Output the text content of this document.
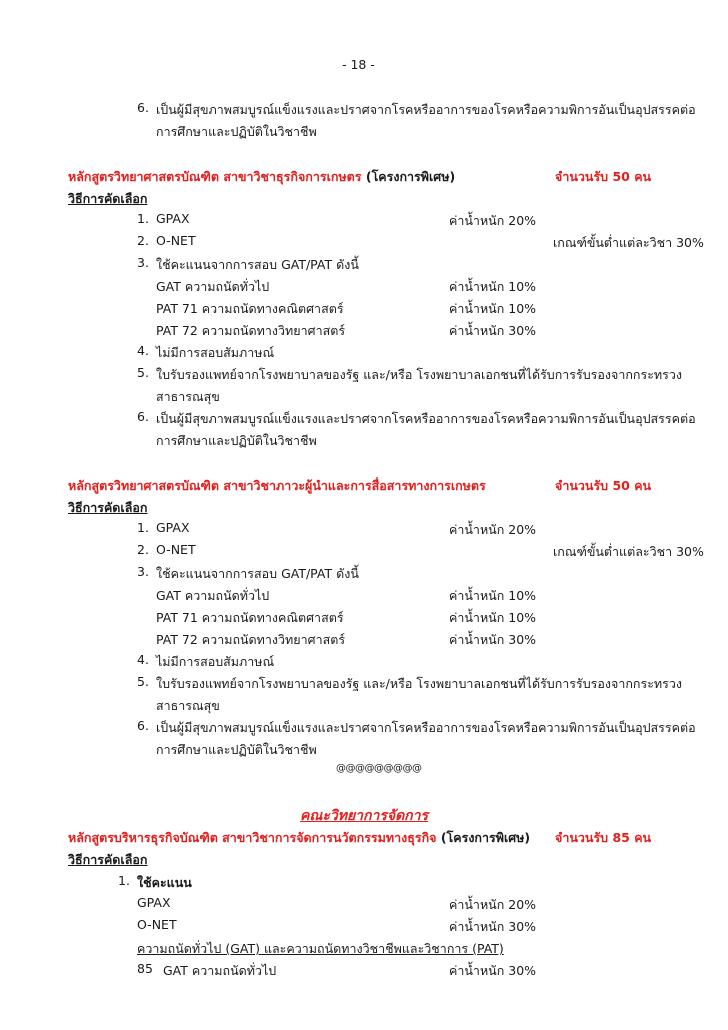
- 18 -
6. เป็นผู้มีสุขภาพสมบูรณ์แข็งแรงและปราศจากโรคหรืออาการของโรคหรือความพิการอันเป็นอุปสรรคต่อ
การศึกษาและปฏิบัติในวิชาชีพ
หลักสูตรวิทยาศาสตรบัณฑิต สาขาวิชาธุรกิจการเกษตร (โครงการพิเศษ)	จำนวนรับ 50 คน
วิธีการคัดเลือก
1. GPAX	ค่าน้ำหนัก 20%
2. O-NET	เกณฑ์ขั้นต่ำแต่ละวิชา 30%
3. ใช้คะแนนจากการสอบ GAT/PAT ดังนี้
GAT ความถนัดทั่วไป	ค่าน้ำหนัก 10%
PAT 71 ความถนัดทางคณิตศาสตร์	ค่าน้ำหนัก 10%
PAT 72 ความถนัดทางวิทยาศาสตร์	ค่าน้ำหนัก 30%
4. ไม่มีการสอบสัมภาษณ์
5. ใบรับรองแพทย์จากโรงพยาบาลของรัฐ และ/หรือ โรงพยาบาลเอกชนที่ได้รับการรับรองจากกระทรวง
สาธารณสุข
6. เป็นผู้มีสุขภาพสมบูรณ์แข็งแรงและปราศจากโรคหรืออาการของโรคหรือความพิการอันเป็นอุปสรรคต่อ
การศึกษาและปฏิบัติในวิชาชีพ
หลักสูตรวิทยาศาสตรบัณฑิต สาขาวิชาภาวะผู้นำและการสื่อสารทางการเกษตร	จำนวนรับ 50 คน
วิธีการคัดเลือก
1. GPAX	ค่าน้ำหนัก 20%
2. O-NET	เกณฑ์ขั้นต่ำแต่ละวิชา 30%
3. ใช้คะแนนจากการสอบ GAT/PAT ดังนี้
GAT ความถนัดทั่วไป	ค่าน้ำหนัก 10%
PAT 71 ความถนัดทางคณิตศาสตร์	ค่าน้ำหนัก 10%
PAT 72 ความถนัดทางวิทยาศาสตร์	ค่าน้ำหนัก 30%
4. ไม่มีการสอบสัมภาษณ์
5. ใบรับรองแพทย์จากโรงพยาบาลของรัฐ และ/หรือ โรงพยาบาลเอกชนที่ได้รับการรับรองจากกระทรวง
สาธารณสุข
6. เป็นผู้มีสุขภาพสมบูรณ์แข็งแรงและปราศจากโรคหรืออาการของโรคหรือความพิการอันเป็นอุปสรรคต่อ
การศึกษาและปฏิบัติในวิชาชีพ
@@@@@@@@@
คณะวิทยาการจัดการ
หลักสูตรบริหารธุรกิจบัณฑิต สาขาวิชาการจัดการนวัตกรรมทางธุรกิจ (โครงการพิเศษ) จำนวนรับ 85 คน
วิธีการคัดเลือก
1. ใช้คะแนน
GPAX	ค่าน้ำหนัก 20%
O-NET	ค่าน้ำหนัก 30%
ความถนัดทั่วไป (GAT) และความถนัดทางวิชาชีพและวิชาการ (PAT)
85 GAT ความถนัดทั่วไป	ค่าน้ำหนัก 30%
